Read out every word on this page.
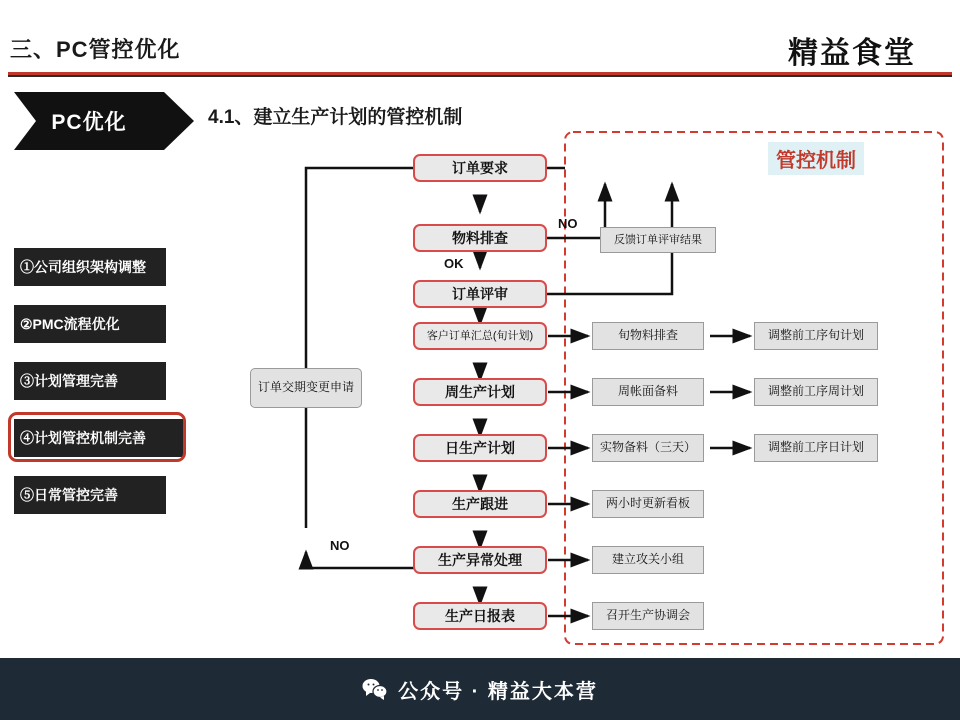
三、PC管控优化	精益食堂
PC优化	4.1、建立生产计划的管控机制
①公司组织架构调整
②PMC流程优化
③计划管理完善
④计划管控机制完善
⑤日常管控完善
订单要求
物料排查
订单评审
客户订单汇总(旬计划)
周生产计划
日生产计划
生产跟进
生产异常处理
生产日报表
订单交期变更申请
反馈订单评审结果
旬物料排查
周帐面备料
实物备料（三天）
两小时更新看板
建立攻关小组
召开生产协调会
调整前工序旬计划
调整前工序周计划
调整前工序日计划
NO
OK
NO
管控机制
公众号 · 精益大本营
